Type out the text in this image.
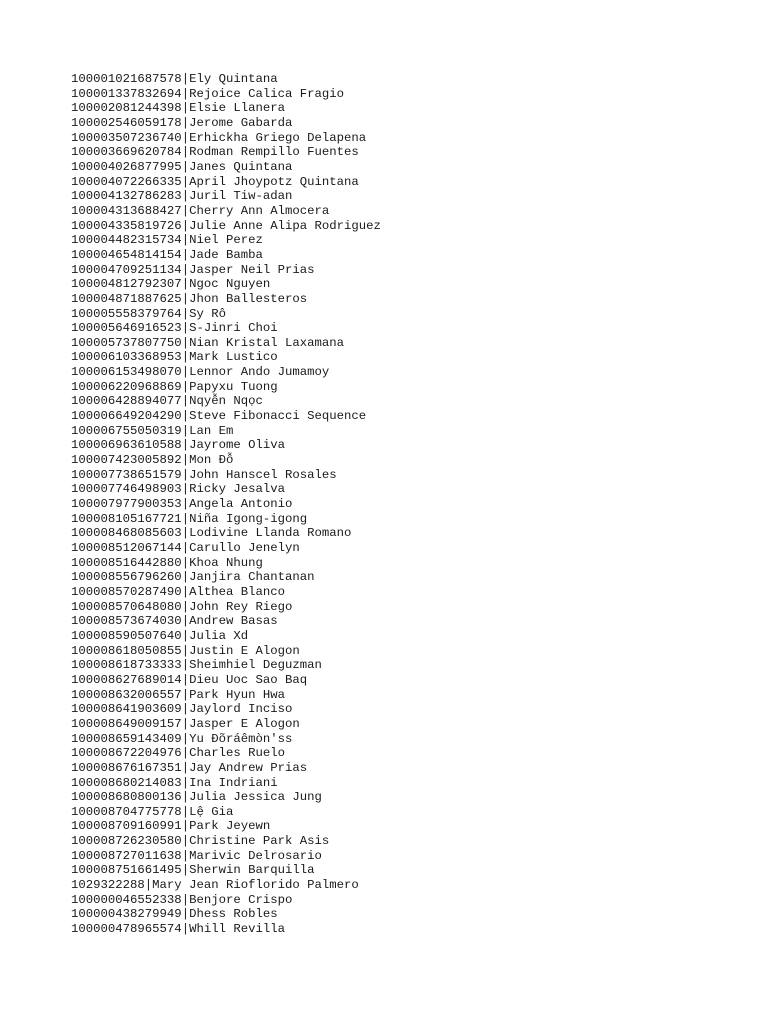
100001021687578|Ely Quintana
100001337832694|Rejoice Calica Fragio
100002081244398|Elsie Llanera
100002546059178|Jerome Gabarda
100003507236740|Erhickha Griego Delapena
100003669620784|Rodman Rempillo Fuentes
100004026877995|Janes Quintana
100004072266335|April Jhoypotz Quintana
100004132786283|Juril Tiw-adan
100004313688427|Cherry Ann Almocera
100004335819726|Julie Anne Alipa Rodriguez
100004482315734|Niel Perez
100004654814154|Jade Bamba
100004709251134|Jasper Neil Prias
100004812792307|Ngoc Nguyen
100004871887625|Jhon Ballesteros
100005558379764|Sy Rô
100005646916523|S-Jinri Choi
100005737807750|Nian Kristal Laxamana
100006103368953|Mark Lustico
100006153498070|Lennor Ando Jumamoy
100006220968869|Papyxu Tuong
100006428894077|Nqyễn Nqọc
100006649204290|Steve Fibonacci Sequence
100006755050319|Lan Em
100006963610588|Jayrome Oliva
100007423005892|Mon Đỗ
100007738651579|John Hanscel Rosales
100007746498903|Ricky Jesalva
100007977900353|Angela Antonio
100008105167721|Niña Igong-igong
100008468085603|Lodivine Llanda Romano
100008512067144|Carullo Jenelyn
100008516442880|Khoa Nhung
100008556796260|Janjira Chantanan
100008570287490|Althea Blanco
100008570648080|John Rey Riego
100008573674030|Andrew Basas
100008590507640|Julia Xd
100008618050855|Justin E Alogon
100008618733333|Sheimhiel Deguzman
100008627689014|Dieu Uoc Sao Baq
100008632006557|Park Hyun Hwa
100008641903609|Jaylord Inciso
100008649009157|Jasper E Alogon
100008659143409|Yu Ðõráêmòn'ss
100008672204976|Charles Ruelo
100008676167351|Jay Andrew Prias
100008680214083|Ina Indriani
100008680800136|Julia Jessica Jung
100008704775778|Lệ Gia
100008709160991|Park Jeyewn
100008726230580|Christine Park Asis
100008727011638|Marivic Delrosario
100008751661495|Sherwin Barquilla
1029322288|Mary Jean Rioflorido Palmero
100000046552338|Benjore Crispo
100000438279949|Dhess Robles
100000478965574|Whill Revilla
